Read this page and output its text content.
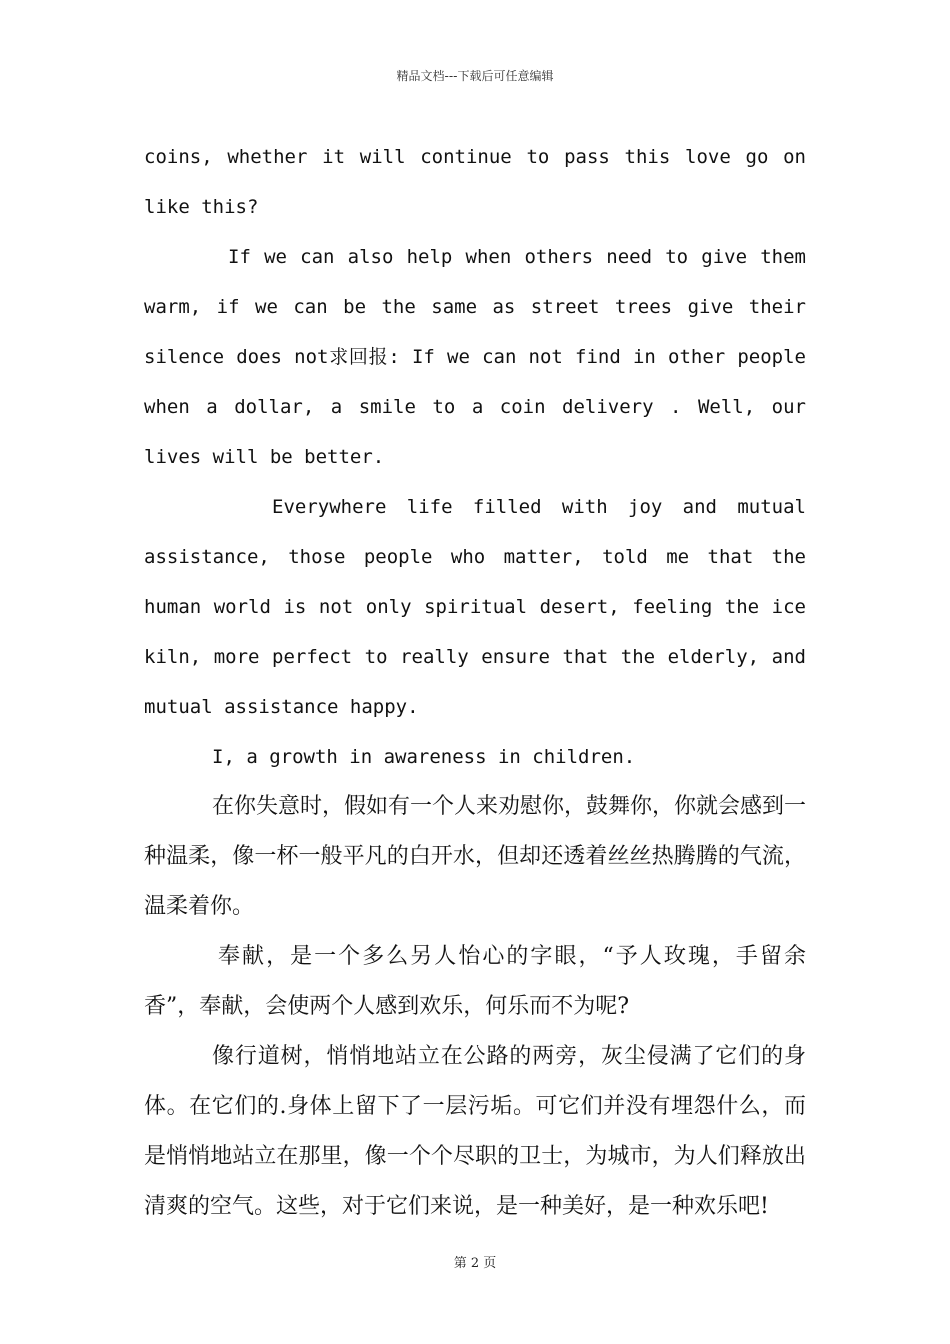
精品文档---下载后可任意编辑

coins, whether it will continue to pass this love go on like this?

If we can also help when others need to give them warm, if we can be the same as street trees give their silence does not求回报: If we can not find in other people when a dollar, a smile to a coin delivery . Well, our lives will be better.

Everywhere life filled with joy and mutual assistance, those people who matter, told me that the human world is not only spiritual desert, feeling the ice kiln, more perfect to really ensure that the elderly, and mutual assistance happy.

I, a growth in awareness in children.

在你失意时，假如有一个人来劝慰你，鼓舞你，你就会感到一种温柔，像一杯一般平凡的白开水，但却还透着丝丝热腾腾的气流，温柔着你。

奉献，是一个多么另人怡心的字眼，“予人玫瑰，手留余香”，奉献，会使两个人感到欢乐，何乐而不为呢?

像行道树，悄悄地站立在公路的两旁，灰尘侵满了它们的身体。在它们的.身体上留下了一层污垢。可它们并没有埋怨什么，而是悄悄地站立在那里，像一个个尽职的卫士，为城市，为人们释放出清爽的空气。这些，对于它们来说，是一种美好，是一种欢乐吧!

第 2 页
